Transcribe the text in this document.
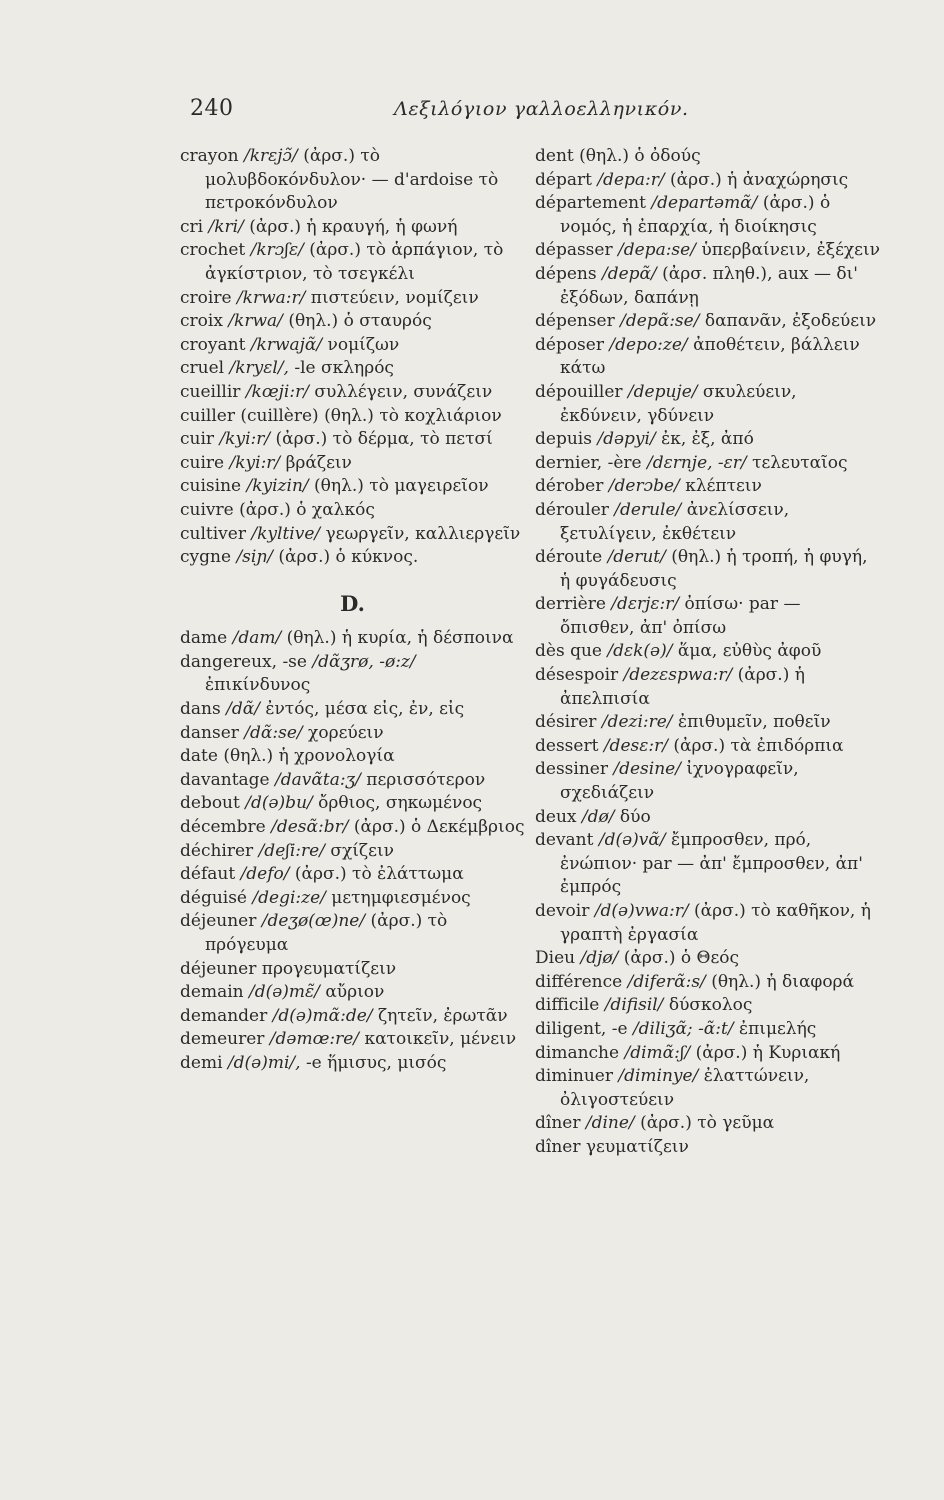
240	Λεξιλόγιον γαλλοελληνικόν.

crayon /krɛjɔ̃/ (ἀρσ.) τὸ μολυβδοκόνδυλον· — d'ardoise τὸ πετροκόνδυλον

cri /kri/ (ἀρσ.) ἡ κραυγή, ἡ φωνή

crochet /krɔʃɛ/ (ἀρσ.) τὸ ἁρπάγιον, τὸ ἀγκίστριον, τὸ τσεγκέλι

croire /krwa:r/ πιστεύειν, νομίζειν

croix /krwa/ (θηλ.) ὁ σταυρός

croyant /krwajɑ̃/ νομίζων

cruel /kryɛl/, -le σκληρός

cueillir /kœji:r/ συλλέγειν, συνάζειν

cuiller (cuillère) (θηλ.) τὸ κοχλιάριον

cuir /kyi:r/ (ἀρσ.) τὸ δέρμα, τὸ πετσί

cuire /kyi:r/ βράζειν

cuisine /kyizin/ (θηλ.) τὸ μαγειρεῖον

cuivre (ἀρσ.) ὁ χαλκός

cultiver /kyltive/ γεωργεῖν, καλλιεργεῖν

cygne /siɲ/ (ἀρσ.) ὁ κύκνος.

D.

dame /dam/ (θηλ.) ἡ κυρία, ἡ δέσποινα

dangereux, -se /dɑ̃ʒrø, -ø:z/ ἐπικίνδυνος

dans /dɑ̃/ ἐντός, μέσα εἰς, ἐν, εἰς

danser /dɑ̃:se/ χορεύειν

date (θηλ.) ἡ χρονολογία

davantage /davɑ̃ta:ʒ/ περισσότερον

debout /d(ə)bu/ ὄρθιος, σηκωμένος

décembre /desɑ̃:br/ (ἀρσ.) ὁ Δεκέμβριος

déchirer /deʃi:re/ σχίζειν

défaut /defo/ (ἀρσ.) τὸ ἐλάττωμα

déguisé /degi:ze/ μετημφιεσμένος

déjeuner /deʒø(œ)ne/ (ἀρσ.) τὸ πρόγευμα

déjeuner προγευματίζειν

demain /d(ə)mɛ̃/ αὔριον

demander /d(ə)mɑ̃:de/ ζητεῖν, ἐρωτᾶν

demeurer /dəmœ:re/ κατοικεῖν, μένειν

demi /d(ə)mi/, -e ἥμισυς, μισός

dent (θηλ.) ὁ ὀδούς

départ /depa:r/ (ἀρσ.) ἡ ἀναχώρησις

département /departəmɑ̃/ (ἀρσ.) ὁ νομός, ἡ ἐπαρχία, ἡ διοίκησις

dépasser /depa:se/ ὑπερβαίνειν, ἐξέχειν

dépens /depɑ̃/ (ἀρσ. πληθ.), aux — δι' ἐξόδων, δαπάνῃ

dépenser /depɑ̃:se/ δαπανᾶν, ἐξοδεύειν

déposer /depo:ze/ ἀποθέτειν, βάλλειν κάτω

dépouiller /depuje/ σκυλεύειν, ἐκδύνειν, γδύνειν

depuis /dəpyi/ ἐκ, ἐξ, ἀπό

dernier, -ère /dɛrnje, -ɛr/ τελευταῖος

dérober /derɔbe/ κλέπτειν

dérouler /derule/ ἀνελίσσειν, ξετυλίγειν, ἐκθέτειν

déroute /derut/ (θηλ.) ἡ τροπή, ἡ φυγή, ἡ φυγάδευσις

derrière /dɛrjɛ:r/ ὀπίσω· par — ὄπισθεν, ἀπ' ὀπίσω

dès que /dɛk(ə)/ ἅμα, εὐθὺς ἀφοῦ

désespoir /dezɛspwa:r/ (ἀρσ.) ἡ ἀπελπισία

désirer /dezi:re/ ἐπιθυμεῖν, ποθεῖν

dessert /desɛ:r/ (ἀρσ.) τὰ ἐπιδόρπια

dessiner /desine/ ἰχνογραφεῖν, σχεδιάζειν

deux /dø/ δύο

devant /d(ə)vɑ̃/ ἔμπροσθεν, πρό, ἐνώπιον· par — ἀπ' ἔμπροσθεν, ἀπ' ἐμπρός

devoir /d(ə)vwa:r/ (ἀρσ.) τὸ καθῆκον, ἡ γραπτὴ ἐργασία

Dieu /djø/ (ἀρσ.) ὁ Θεός

différence /diferɑ̃:s/ (θηλ.) ἡ διαφορά

difficile /difisil/ δύσκολος

diligent, -e /diliʒɑ̃; -ɑ̃:t/ ἐπιμελής

dimanche /dimɑ̃:ʃ/ (ἀρσ.) ἡ Κυριακή

diminuer /diminye/ ἐλαττώνειν, ὀλιγοστεύειν

dîner /dine/ (ἀρσ.) τὸ γεῦμα

dîner γευματίζειν
